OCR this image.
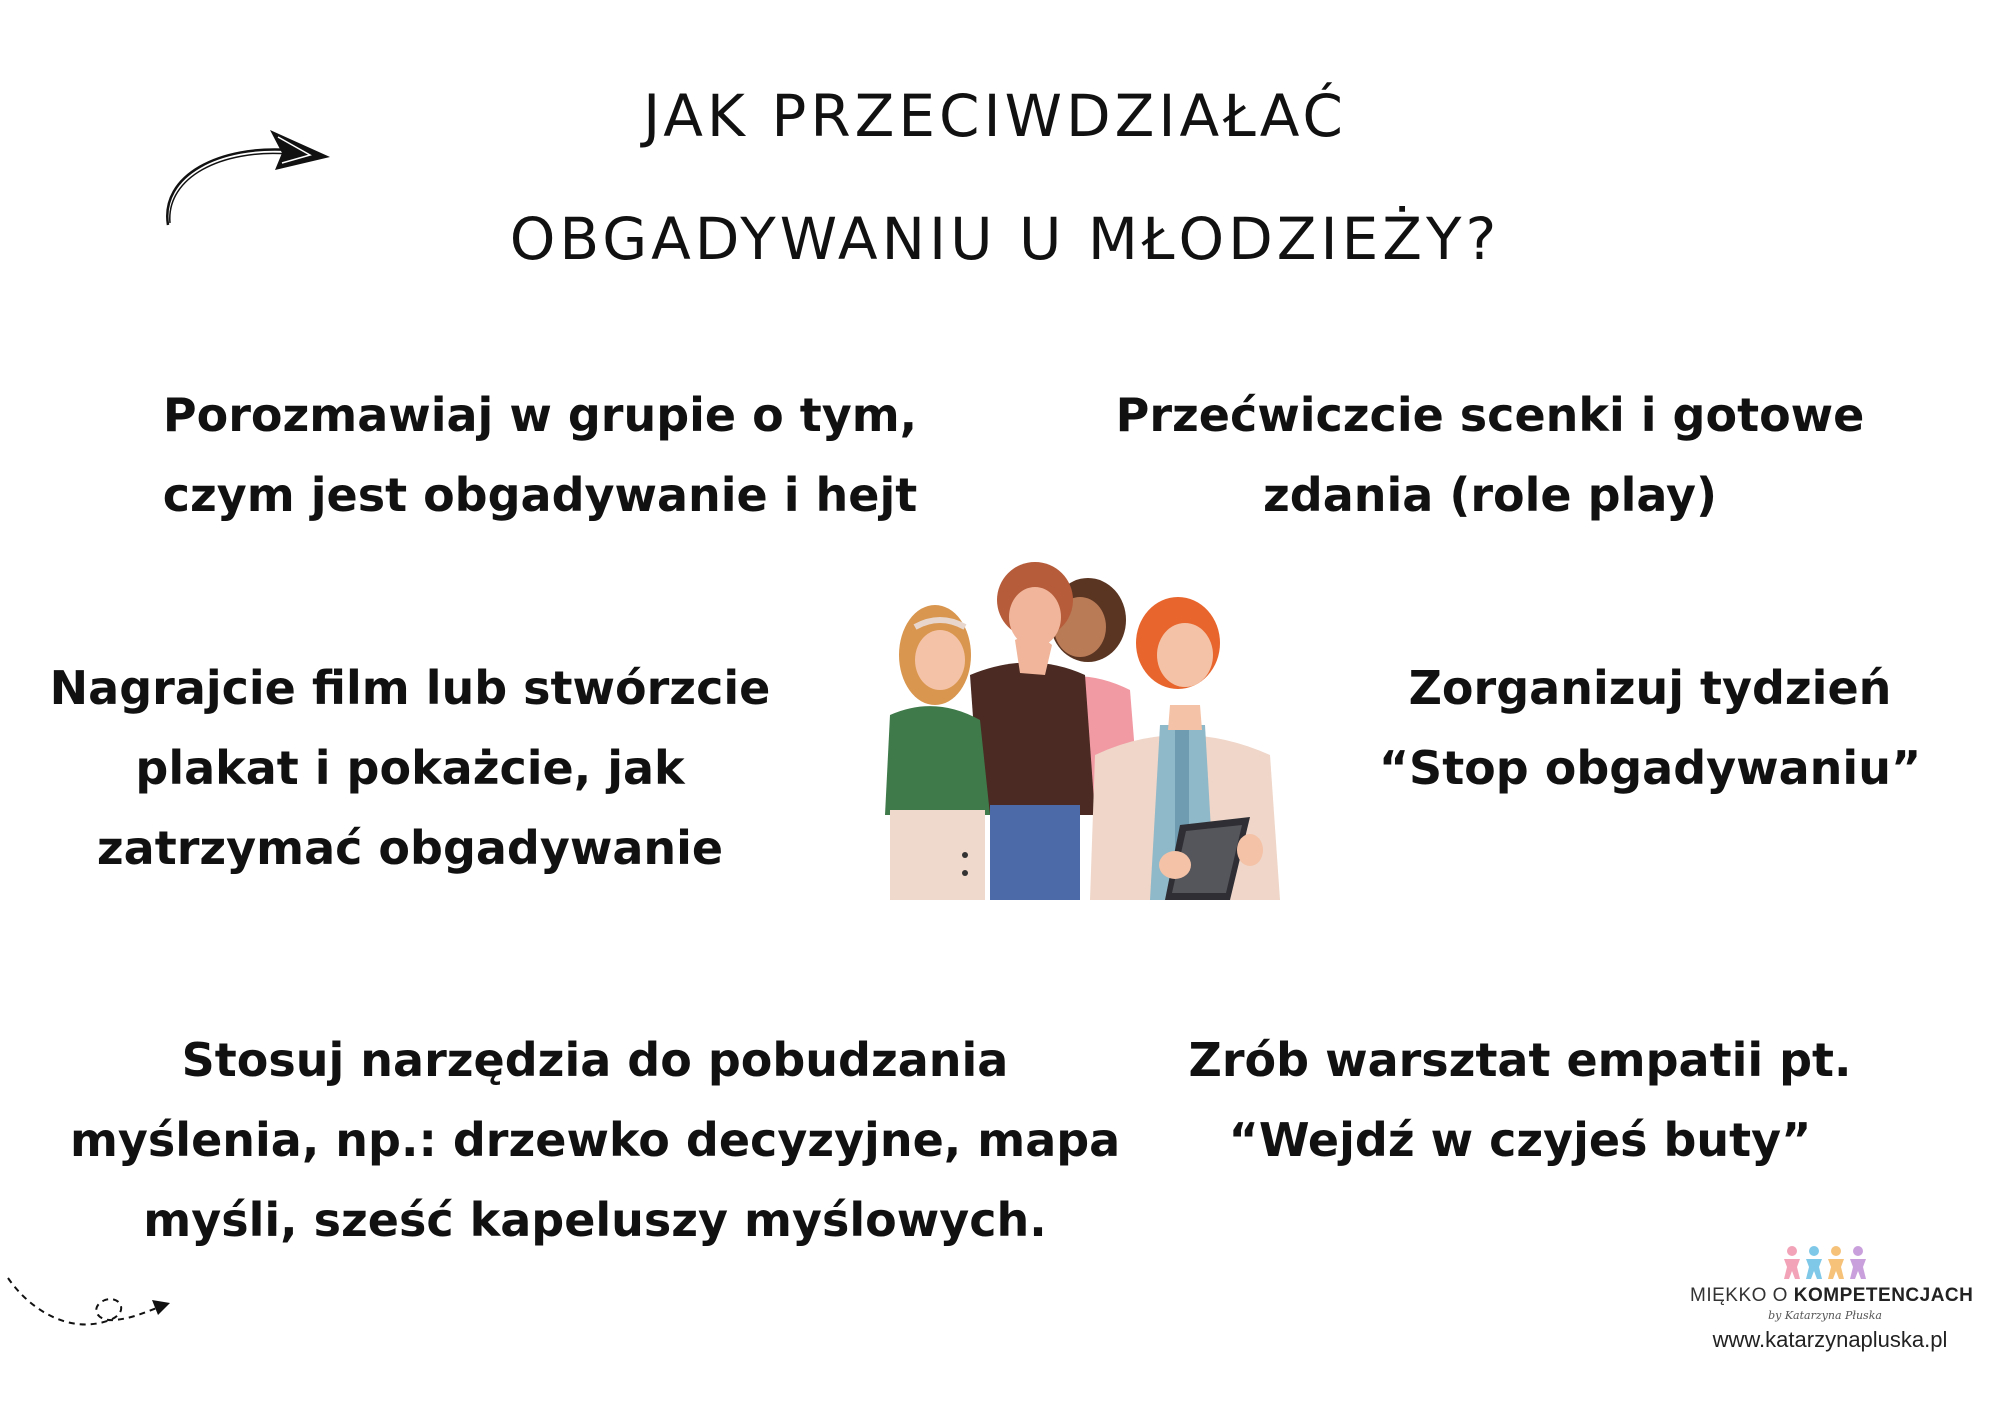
JAK PRZECIWDZIAŁAĆ
OBGADYWANIU U MŁODZIEŻY?
Porozmawiaj w grupie o tym,
czym jest obgadywanie i hejt
Przećwiczcie scenki i gotowe
zdania (role play)
Nagrajcie film lub stwórzcie
plakat i pokażcie, jak
zatrzymać obgadywanie
Zorganizuj tydzień
“Stop obgadywaniu”
Stosuj narzędzia do pobudzania
myślenia, np.: drzewko decyzyjne, mapa
myśli, sześć kapeluszy myślowych.
Zrób warsztat empatii pt.
“Wejdź w czyjeś buty”
MIĘKKO O KOMPETENCJACH
by Katarzyna Płuska
www.katarzynapluska.pl
